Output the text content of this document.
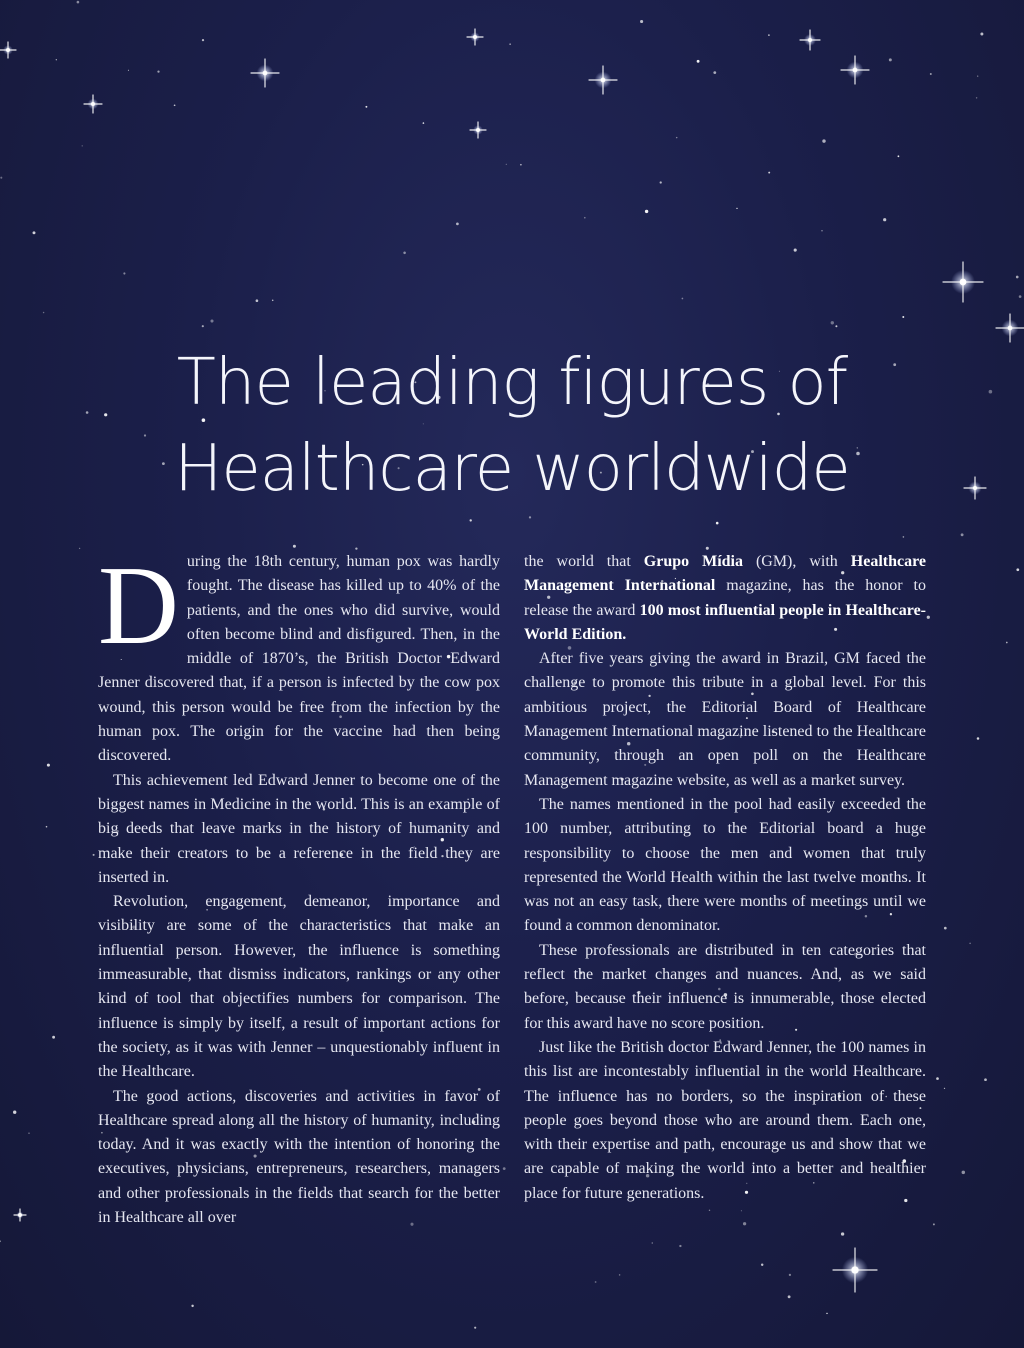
The leading figures of
Healthcare worldwide

During the 18th century, human pox was hardly fought. The disease has killed up to 40% of the patients, and the ones who did survive, would often become blind and disfigured. Then, in the middle of 1870’s, the British Doctor Edward Jenner discovered that, if a person is infected by the cow pox wound, this person would be free from the infection by the human pox. The origin for the vaccine had then being discovered.

This achievement led Edward Jenner to become one of the biggest names in Medicine in the world. This is an example of big deeds that leave marks in the history of humanity and make their creators to be a reference in the field they are inserted in.

Revolution, engagement, demeanor, importance and visibility are some of the characteristics that make an influential person. However, the influence is something immeasurable, that dismiss indicators, rankings or any other kind of tool that objectifies numbers for comparison. The influence is simply by itself, a result of important actions for the society, as it was with Jenner – unquestionably influent in the Healthcare.

The good actions, discoveries and activities in favor of Healthcare spread along all the history of humanity, including today. And it was exactly with the intention of honoring the executives, physicians, entrepreneurs, researchers, managers and other professionals in the fields that search for the better in Healthcare all over

the world that Grupo Mídia (GM), with Healthcare Management International magazine, has the honor to release the award 100 most influential people in Healthcare- World Edition.

After five years giving the award in Brazil, GM faced the challenge to promote this tribute in a global level. For this ambitious project, the Editorial Board of Healthcare Management International magazine listened to the Healthcare community, through an open poll on the Healthcare Management magazine website, as well as a market survey.

The names mentioned in the pool had easily exceeded the 100 number, attributing to the Editorial board a huge responsibility to choose the men and women that truly represented the World Health within the last twelve months. It was not an easy task, there were months of meetings until we found a common denominator.

These professionals are distributed in ten categories that reflect the market changes and nuances. And, as we said before, because their influence is innumerable, those elected for this award have no score position.

Just like the British doctor Edward Jenner, the 100 names in this list are incontestably influential in the world Healthcare. The influence has no borders, so the inspiration of these people goes beyond those who are around them. Each one, with their expertise and path, encourage us and show that we are capable of making the world into a better and healthier place for future generations.
